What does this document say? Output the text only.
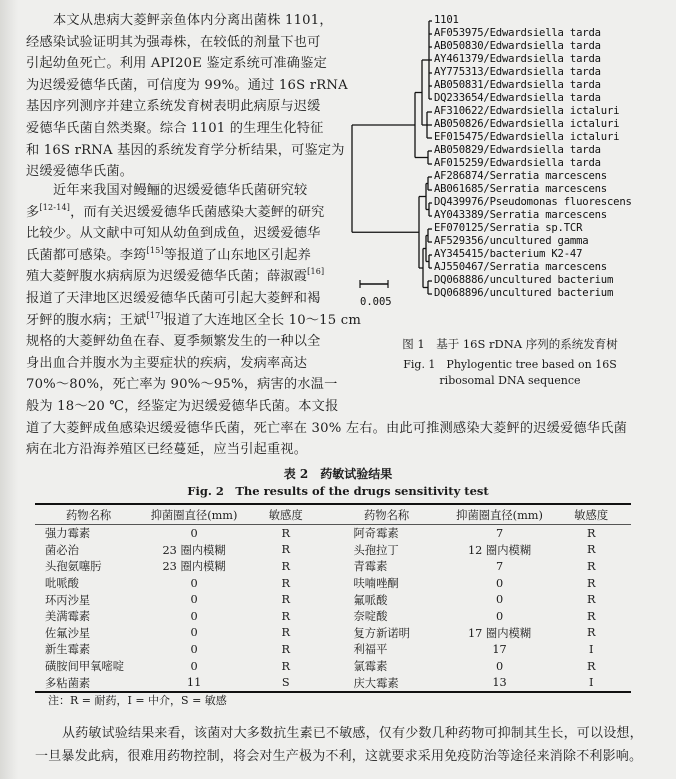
本文从患病大菱鲆亲鱼体内分离出菌株 1101，
经感染试验证明其为强毒株，在较低的剂量下也可
引起幼鱼死亡。利用 API20E 鉴定系统可准确鉴定
为迟缓爱德华氏菌，可信度为 99%。通过 16S rRNA
基因序列测序并建立系统发育树表明此病原与迟缓
爱德华氏菌自然类聚。综合 1101 的生理生化特征
和 16S rRNA 基因的系统发育学分析结果，可鉴定为
迟缓爱德华氏菌。
近年来我国对鳗鲡的迟缓爱德华氏菌研究较
多[12-14]，而有关迟缓爱德华氏菌感染大菱鲆的研究
比较少。从文献中可知从幼鱼到成鱼，迟缓爱德华
氏菌都可感染。李筠[15]等报道了山东地区引起养
殖大菱鲆腹水病病原为迟缓爱德华氏菌；薛淑霞[16]
报道了天津地区迟缓爱德华氏菌可引起大菱鲆和褐
牙鲆的腹水病；王斌[17]报道了大连地区全长 10～15 cm
规格的大菱鲆幼鱼在春、夏季频繁发生的一种以全
身出血合并腹水为主要症状的疾病，发病率高达
70%～80%，死亡率为 90%～95%，病害的水温一
般为 18～20 ℃，经鉴定为迟缓爱德华氏菌。本文报
道了大菱鲆成鱼感染迟缓爱德华氏菌，死亡率在 30% 左右。由此可推测感染大菱鲆的迟缓爱德华氏菌
病在北方沿海养殖区已经蔓延，应当引起重视。
1101
AF053975/Edwardsiella tarda
AB050830/Edwardsiella tarda
AY461379/Edwardsiella tarda
AY775313/Edwardsiella tarda
AB050831/Edwardsiella tarda
DQ233654/Edwardsiella tarda
AF310622/Edwardsiella ictaluri
AB050826/Edwardsiella ictaluri
EF015475/Edwardsiella ictaluri
AB050829/Edwardsiella tarda
AF015259/Edwardsiella tarda
AF286874/Serratia marcescens
AB061685/Serratia marcescens
DQ439976/Pseudomonas fluorescens
AY043389/Serratia marcescens
EF070125/Serratia sp.TCR
AF529356/uncultured gamma
AY345415/bacterium K2-47
AJ550467/Serratia marcescens
DQ068886/uncultured bacterium
DQ068896/uncultured bacterium
0.005
图 1　基于 16S rDNA 序列的系统发育树
Fig. 1　Phylogentic tree based on 16S
ribosomal DNA sequence
表 2　药敏试验结果
Fig. 2　The results of the drugs sensitivity test
药物名称	抑菌圈直径(mm)	敏感度	药物名称	抑菌圈直径(mm)	敏感度
强力霉素	0	R	阿奇霉素	7	R
菌必治	23 圈内模糊	R	头孢拉丁	12 圈内模糊	R
头孢氨噻肟	23 圈内模糊	R	青霉素	7	R
吡哌酸	0	R	呋喃唑酮	0	R
环丙沙星	0	R	氟哌酸	0	R
美满霉素	0	R	奈啶酸	0	R
佐氟沙星	0	R	复方新诺明	17 圈内模糊	R
新生霉素	0	R	利福平	17	I
磺胺间甲氧嘧啶	0	R	氯霉素	0	R
多粘菌素	11	S	庆大霉素	13	I
注：R = 耐药，I = 中介，S = 敏感
从药敏试验结果来看，该菌对大多数抗生素已不敏感，仅有少数几种药物可抑制其生长，可以设想，
一旦暴发此病，很难用药物控制，将会对生产极为不利，这就要求采用免疫防治等途径来消除不利影响。
